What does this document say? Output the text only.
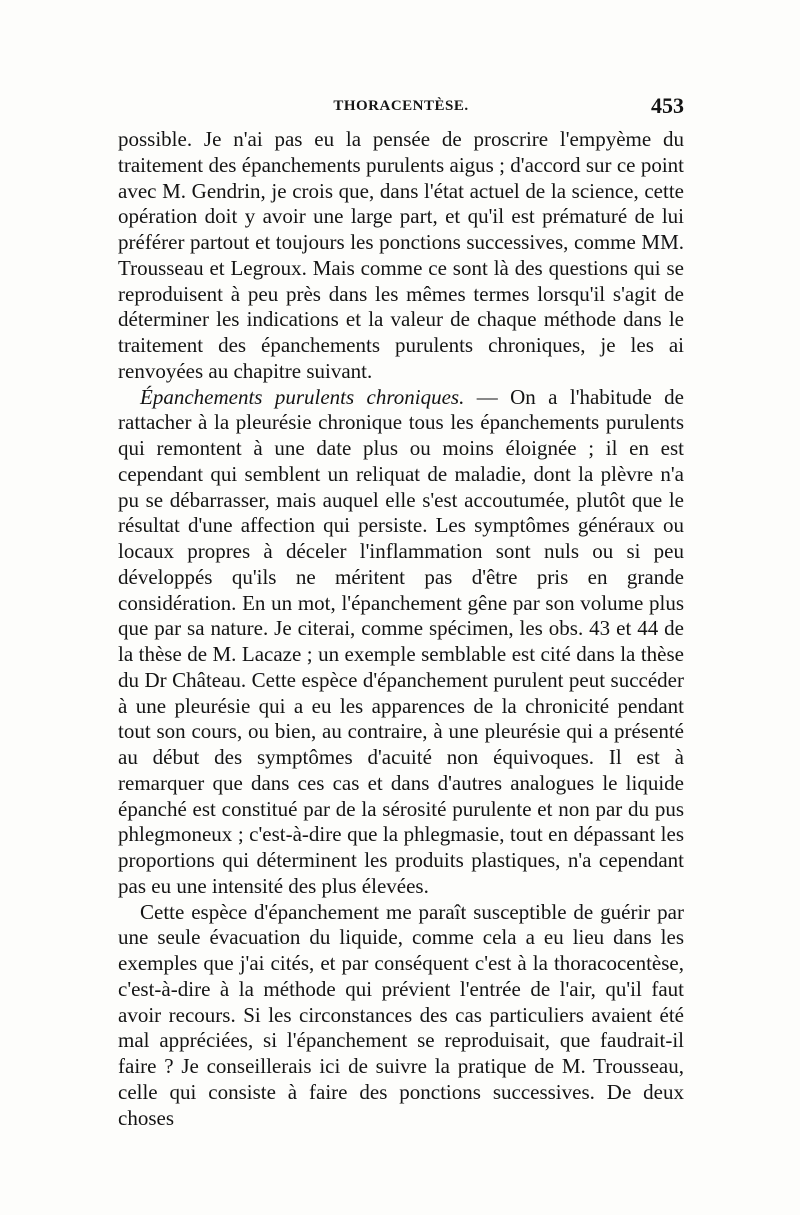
THORACENTÈSE.	453

possible. Je n'ai pas eu la pensée de proscrire l'empyème du traitement des épanchements purulents aigus ; d'accord sur ce point avec M. Gendrin, je crois que, dans l'état actuel de la science, cette opération doit y avoir une large part, et qu'il est prématuré de lui préférer partout et toujours les ponctions successives, comme MM. Trousseau et Legroux. Mais comme ce sont là des questions qui se reproduisent à peu près dans les mêmes termes lorsqu'il s'agit de déterminer les indications et la valeur de chaque méthode dans le traitement des épanchements purulents chroniques, je les ai renvoyées au chapitre suivant.

Épanchements purulents chroniques. — On a l'habitude de rattacher à la pleurésie chronique tous les épanchements purulents qui remontent à une date plus ou moins éloignée ; il en est cependant qui semblent un reliquat de maladie, dont la plèvre n'a pu se débarrasser, mais auquel elle s'est accoutumée, plutôt que le résultat d'une affection qui persiste. Les symptômes généraux ou locaux propres à déceler l'inflammation sont nuls ou si peu développés qu'ils ne méritent pas d'être pris en grande considération. En un mot, l'épanchement gêne par son volume plus que par sa nature. Je citerai, comme spécimen, les obs. 43 et 44 de la thèse de M. Lacaze ; un exemple semblable est cité dans la thèse du Dr Château. Cette espèce d'épanchement purulent peut succéder à une pleurésie qui a eu les apparences de la chronicité pendant tout son cours, ou bien, au contraire, à une pleurésie qui a présenté au début des symptômes d'acuité non équivoques. Il est à remarquer que dans ces cas et dans d'autres analogues le liquide épanché est constitué par de la sérosité purulente et non par du pus phlegmoneux ; c'est-à-dire que la phlegmasie, tout en dépassant les proportions qui déterminent les produits plastiques, n'a cependant pas eu une intensité des plus élevées.

Cette espèce d'épanchement me paraît susceptible de guérir par une seule évacuation du liquide, comme cela a eu lieu dans les exemples que j'ai cités, et par conséquent c'est à la thoracocentèse, c'est-à-dire à la méthode qui prévient l'entrée de l'air, qu'il faut avoir recours. Si les circonstances des cas particuliers avaient été mal appréciées, si l'épanchement se reproduisait, que faudrait-il faire ? Je conseillerais ici de suivre la pratique de M. Trousseau, celle qui consiste à faire des ponctions successives. De deux choses
